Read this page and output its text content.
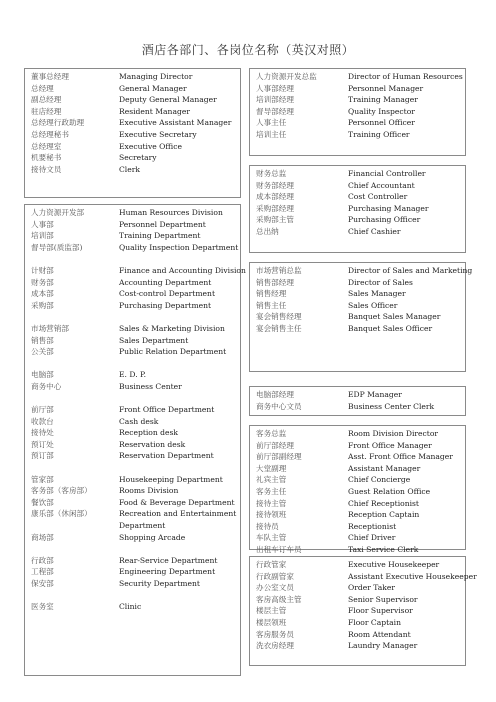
酒店各部门、各岗位名称（英汉对照）
董事总经理	Managing Director
总经理	General Manager
副总经理	Deputy General Manager
驻店经理	Resident Manager
总经理行政助理	Executive Assistant Manager
总经理秘书	Executive Secretary
总经理室	Executive Office
机要秘书	Secretary
接待文员	Clerk
人力资源开发部	Human Resources Division
人事部	Personnel Department
培训部	Training Department
督导部(质监部)	Quality Inspection Department
计财部	Finance and Accounting Division
财务部	Accounting Department
成本部	Cost-control Department
采购部	Purchasing Department
市场营销部	Sales & Marketing Division
销售部	Sales Department
公关部	Public Relation Department
电脑部	E. D. P.
商务中心	Business Center
前厅部	Front Office Department
收款台	Cash desk
接待处	Reception desk
预订处	Reservation desk
预订部	Reservation Department
管家部	Housekeeping Department
客务部（客房部）	Rooms Division
餐饮部	Food & Beverage Department
康乐部（休闲部）	Recreation and Entertainment
Department
商场部	Shopping Arcade
行政部	Rear-Service Department
工程部	Engineering Department
保安部	Security Department
医务室	Clinic
人力资源开发总监	Director of Human Resources
人事部经理	Personnel Manager
培训部经理	Training Manager
督导部经理	Quality Inspector
人事主任	Personnel Officer
培训主任	Training Officer
财务总监	Financial Controller
财务部经理	Chief Accountant
成本部经理	Cost Controller
采购部经理	Purchasing Manager
采购部主管	Purchasing Officer
总出纳	Chief Cashier
市场营销总监	Director of Sales and Marketing
销售部经理	Director of Sales
销售经理	Sales Manager
销售主任	Sales Officer
宴会销售经理	Banquet Sales Manager
宴会销售主任	Banquet Sales Officer
电脑部经理	EDP Manager
商务中心文员	Business Center Clerk
客务总监	Room Division Director
前厅部经理	Front Office Manager
前厅部副经理	Asst. Front Office Manager
大堂副理	Assistant Manager
礼宾主管	Chief Concierge
客务主任	Guest Relation Office
接待主管	Chief Receptionist
接待领班	Reception Captain
接待员	Receptionist
车队主管	Chief Driver
出租车订车员	Taxi Service Clerk
行政管家	Executive Housekeeper
行政副管家	Assistant Executive Housekeeper
办公室文员	Order Taker
客房高级主管	Senior Supervisor
楼层主管	Floor Supervisor
楼层领班	Floor Captain
客房服务员	Room Attendant
洗衣房经理	Laundry Manager
